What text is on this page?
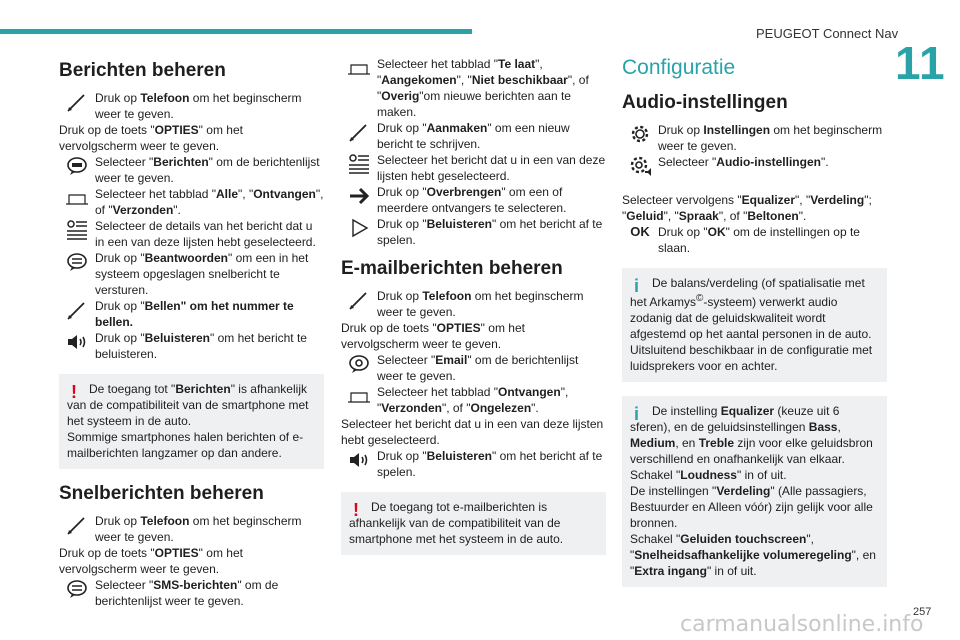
PEUGEOT Connect Nav
11
Berichten beheren
Druk op Telefoon om het beginscherm weer te geven.
Druk op de toets "OPTIES" om het vervolgscherm weer te geven.
Selecteer "Berichten" om de berichtenlijst weer te geven.
Selecteer het tabblad "Alle", "Ontvangen", of "Verzonden".
Selecteer de details van het bericht dat u in een van deze lijsten hebt geselecteerd.
Druk op "Beantwoorden" om een in het systeem opgeslagen snelbericht te versturen.
Druk op "Bellen" om het nummer te bellen.
Druk op "Beluisteren" om het bericht te beluisteren.
!	De toegang tot "Berichten" is afhankelijk van de compatibiliteit van de smartphone met het systeem in de auto.
Sommige smartphones halen berichten of e-mailberichten langzamer op dan andere.
Snelberichten beheren
Druk op Telefoon om het beginscherm weer te geven.
Druk op de toets "OPTIES" om het vervolgscherm weer te geven.
Selecteer "SMS-berichten" om de berichtenlijst weer te geven.
Selecteer het tabblad "Te laat", "Aangekomen", "Niet beschikbaar", of "Overig"om nieuwe berichten aan te maken.
Druk op "Aanmaken" om een nieuw bericht te schrijven.
Selecteer het bericht dat u in een van deze lijsten hebt geselecteerd.
Druk op "Overbrengen" om een of meerdere ontvangers te selecteren.
Druk op "Beluisteren" om het bericht af te spelen.
E-mailberichten beheren
Druk op Telefoon om het beginscherm weer te geven.
Druk op de toets "OPTIES" om het vervolgscherm weer te geven.
Selecteer "Email" om de berichtenlijst weer te geven.
Selecteer het tabblad "Ontvangen", "Verzonden", of "Ongelezen".
Selecteer het bericht dat u in een van deze lijsten hebt geselecteerd.
Druk op "Beluisteren" om het bericht af te spelen.
!	De toegang tot e-mailberichten is afhankelijk van de compatibiliteit van de smartphone met het systeem in de auto.
Configuratie
Audio-instellingen
Druk op Instellingen om het beginscherm weer te geven.
Selecteer "Audio-instellingen".
Selecteer vervolgens "Equalizer", "Verdeling"; "Geluid", "Spraak", of "Beltonen".
OK Druk op "OK" om de instellingen op te slaan.
i	De balans/verdeling (of spatialisatie met het Arkamys©-systeem) verwerkt audio zodanig dat de geluidskwaliteit wordt afgestemd op het aantal personen in de auto.
Uitsluitend beschikbaar in de configuratie met luidsprekers voor en achter.
i	De instelling Equalizer (keuze uit 6 sferen), en de geluidsinstellingen Bass, Medium, en Treble zijn voor elke geluidsbron verschillend en onafhankelijk van elkaar.
Schakel "Loudness" in of uit.
De instellingen "Verdeling" (Alle passagiers, Bestuurder en Alleen vóór) zijn gelijk voor alle bronnen.
Schakel "Geluiden touchscreen", "Snelheidsafhankelijke volumeregeling", en "Extra ingang" in of uit.
257
carmanualsonline.info
